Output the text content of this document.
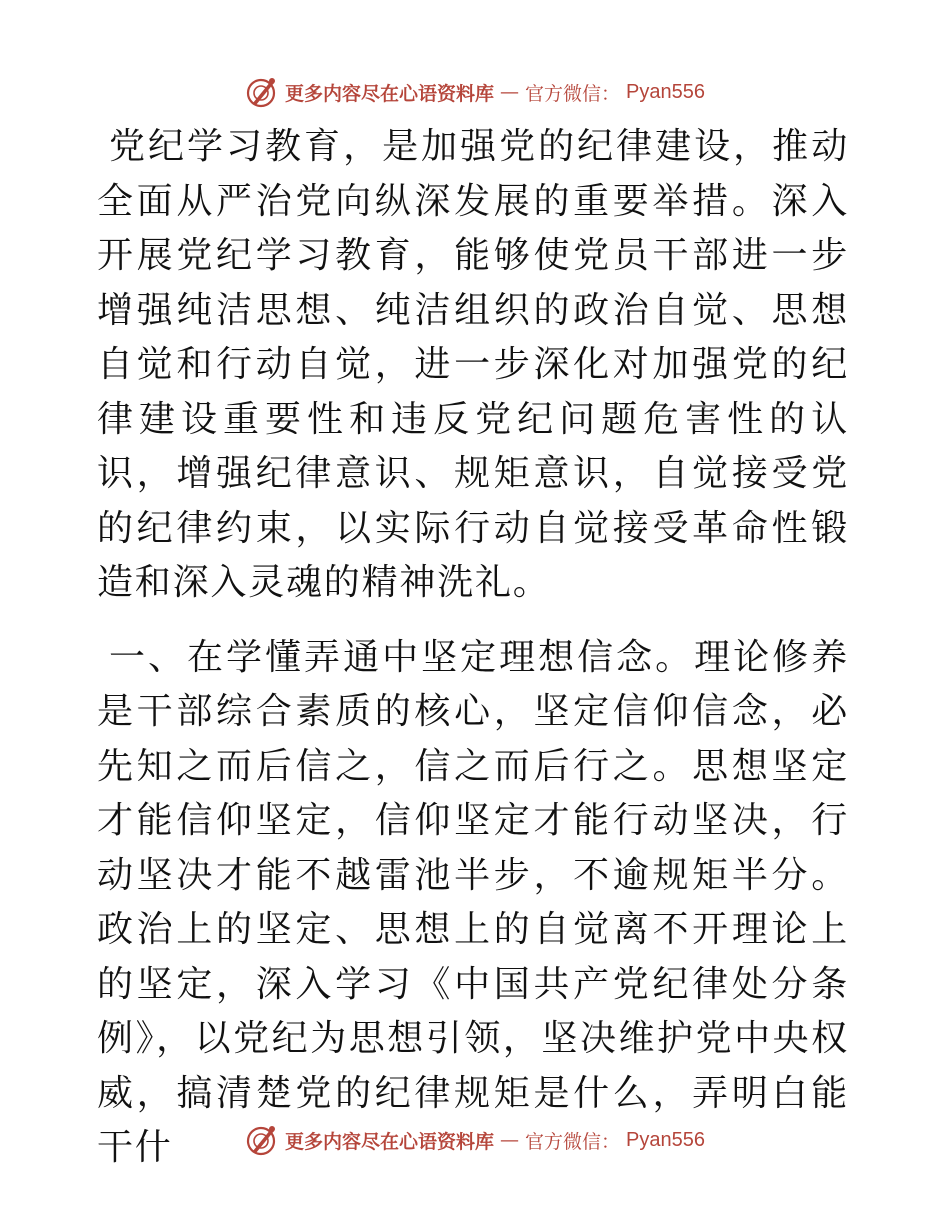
更多内容尽在心语资料库 — 官方微信： Pyan556

党纪学习教育，是加强党的纪律建设，推动全面从严治党向纵深发展的重要举措。深入开展党纪学习教育，能够使党员干部进一步增强纯洁思想、纯洁组织的政治自觉、思想自觉和行动自觉，进一步深化对加强党的纪律建设重要性和违反党纪问题危害性的认识，增强纪律意识、规矩意识，自觉接受党的纪律约束，以实际行动自觉接受革命性锻造和深入灵魂的精神洗礼。

一、在学懂弄通中坚定理想信念。理论修养是干部综合素质的核心，坚定信仰信念，必先知之而后信之，信之而后行之。思想坚定才能信仰坚定，信仰坚定才能行动坚决，行动坚决才能不越雷池半步，不逾规矩半分。政治上的坚定、思想上的自觉离不开理论上的坚定，深入学习《中国共产党纪律处分条例》，以党纪为思想引领，坚决维护党中央权威，搞清楚党的纪律规矩是什么，弄明白能干什	更多内容尽在心语资料库 — 官方微信： Pyan556
